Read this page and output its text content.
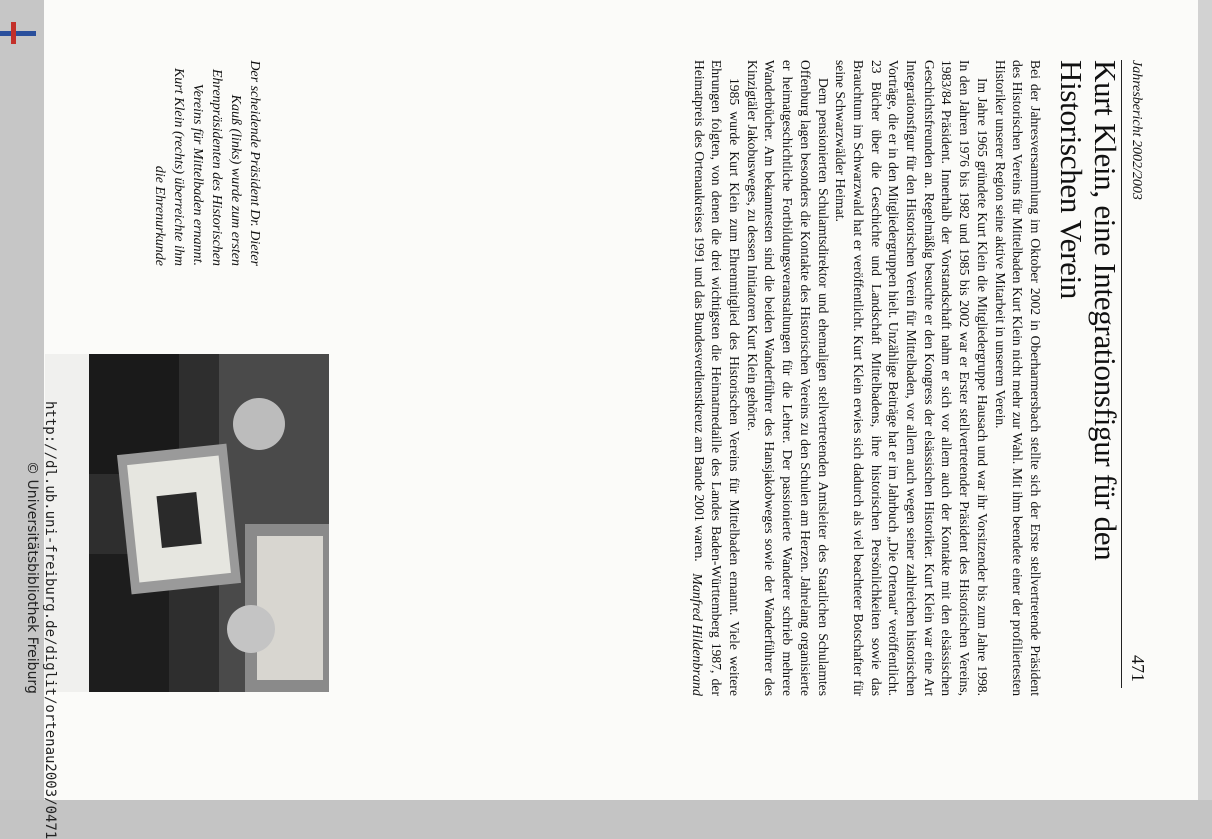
Jahresbericht 2002/2003
471
Kurt Klein, eine Integrationsfigur für den Historischen Verein

Bei der Jahresversammlung im Oktober 2002 in Oberharmersbach stellte sich der Erste stellvertretende Präsident des Historischen Vereins für Mittelbaden Kurt Klein nicht mehr zur Wahl. Mit ihm beendete einer der profiliertesten Historiker unserer Region seine aktive Mitarbeit in unserem Verein.

Im Jahre 1965 gründete Kurt Klein die Mitgliedergruppe Hausach und war ihr Vorsitzender bis zum Jahre 1998. In den Jahren 1976 bis 1982 und 1985 bis 2002 war er Erster stellvertretender Präsident des Historischen Vereins, 1983/84 Präsident. Innerhalb der Vorstandschaft nahm er sich vor allem auch der Kontakte mit den elsässischen Geschichtsfreunden an. Regelmäßig besuchte er den Kongress der elsässischen Historiker. Kurt Klein war eine Art Integrationsfigur für den Historischen Verein für Mittelbaden, vor allem auch wegen seiner zahlreichen historischen Vorträge, die er in den Mitgliedergruppen hielt. Unzählige Beiträge hat er im Jahrbuch „Die Ortenau“ veröffentlicht. 23 Bücher über die Geschichte und Landschaft Mittelbadens, ihre historischen Persönlichkeiten sowie das Brauchtum im Schwarzwald hat er veröffentlicht. Kurt Klein erwies sich dadurch als viel beachteter Botschafter für seine Schwarzwälder Heimat.

Dem pensionierten Schulamtsdirektor und ehemaligen stellvertretenden Amtsleiter des Staatlichen Schulamtes Offenburg lagen besonders die Kontakte des Historischen Vereins zu den Schulen am Herzen. Jahrelang organisierte er heimatgeschichtliche Fortbildungsveranstaltungen für die Lehrer. Der passionierte Wanderer schrieb mehrere Wanderbücher. Am bekanntesten sind die beiden Wanderführer des Hansjakobweges sowie der Wanderführer des Kinzigtäler Jakobusweges, zu dessen Initiatoren Kurt Klein gehörte.

1985 wurde Kurt Klein zum Ehrenmitglied des Historischen Vereins für Mittelbaden ernannt. Viele weitere Ehrungen folgten, von denen die drei wichtigsten die Heimatmedaille des Landes Baden-Württemberg 1987, der Heimatpreis des Ortenaukreises 1991 und das Bundesverdienstkreuz am Bande 2001 waren.

Manfred Hildenbrand
Der scheidende Präsident Dr. Dieter Kauß (links) wurde zum ersten Ehrenpräsidenten des Historischen Vereins für Mittelbaden ernannt. Kurt Klein (rechts) überreichte ihm die Ehrenurkunde
http://dl.ub.uni-freiburg.de/diglit/ortenau2003/0471
© Universitätsbibliothek Freiburg
